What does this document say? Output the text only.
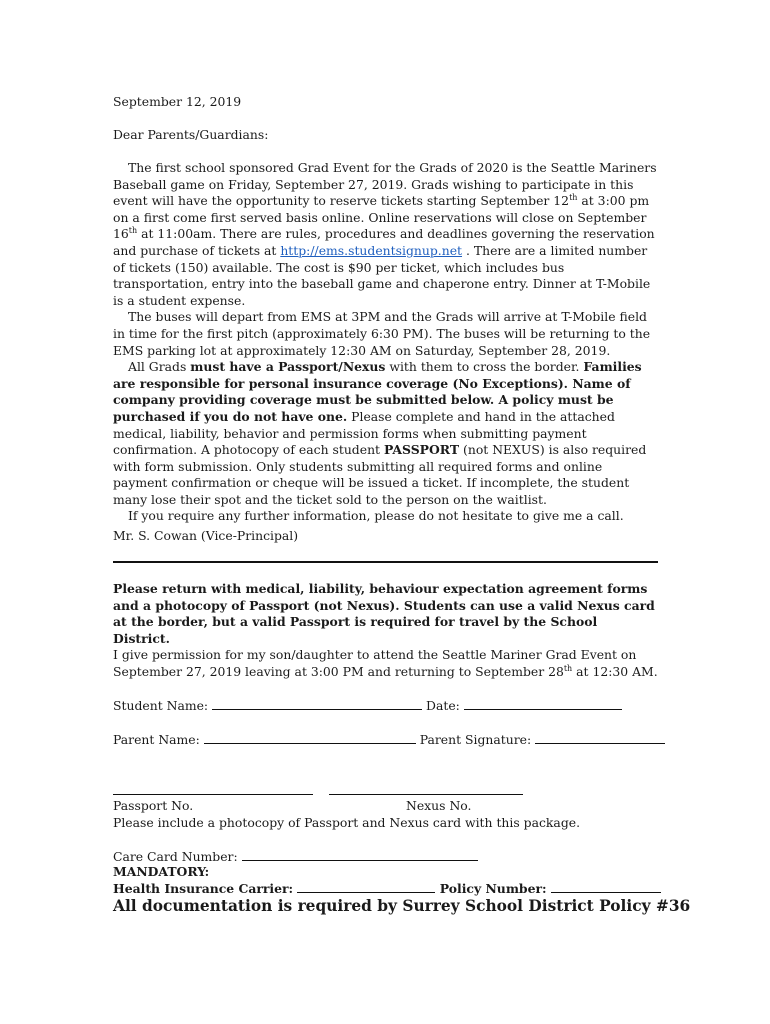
September 12, 2019
Dear Parents/Guardians:

The first school sponsored Grad Event for the Grads of 2020 is the Seattle Mariners Baseball game on Friday, September 27, 2019. Grads wishing to participate in this event will have the opportunity to reserve tickets starting September 12th at 3:00 pm on a first come first served basis online. Online reservations will close on September 16th at 11:00am. There are rules, procedures and deadlines governing the reservation and purchase of tickets at http://ems.studentsignup.net . There are a limited number of tickets (150) available. The cost is $90 per ticket, which includes bus transportation, entry into the baseball game and chaperone entry. Dinner at T-Mobile is a student expense.

The buses will depart from EMS at 3PM and the Grads will arrive at T-Mobile field in time for the first pitch (approximately 6:30 PM). The buses will be returning to the EMS parking lot at approximately 12:30 AM on Saturday, September 28, 2019.

All Grads must have a Passport/Nexus with them to cross the border. Families are responsible for personal insurance coverage (No Exceptions). Name of company providing coverage must be submitted below. A policy must be purchased if you do not have one. Please complete and hand in the attached medical, liability, behavior and permission forms when submitting payment confirmation. A photocopy of each student PASSPORT (not NEXUS) is also required with form submission. Only students submitting all required forms and online payment confirmation or cheque will be issued a ticket. If incomplete, the student many lose their spot and the ticket sold to the person on the waitlist.

If you require any further information, please do not hesitate to give me a call.

Mr. S. Cowan (Vice-Principal)
Please return with medical, liability, behaviour expectation agreement forms and a photocopy of Passport (not Nexus). Students can use a valid Nexus card at the border, but a valid Passport is required for travel by the School District.
I give permission for my son/daughter to attend the Seattle Mariner Grad Event on September 27, 2019 leaving at 3:00 PM and returning to September 28th at 12:30 AM.
Student Name:	Date:
Parent Name:	Parent Signature:
Passport No.	Nexus No.
Please include a photocopy of Passport and Nexus card with this package.
Care Card Number:
MANDATORY:
Health Insurance Carrier:	Policy Number:
All documentation is required by Surrey School District Policy #36
